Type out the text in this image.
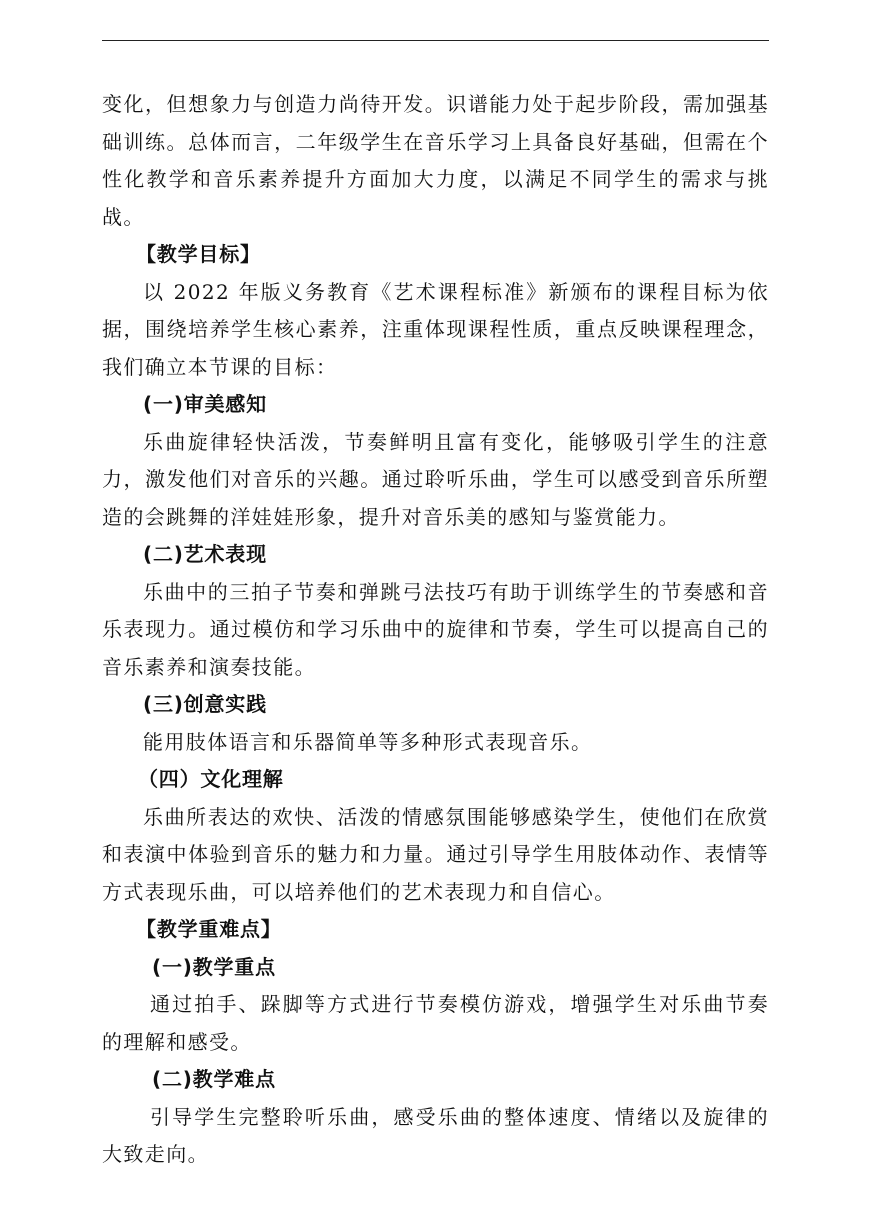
变化，但想象力与创造力尚待开发。识谱能力处于起步阶段，需加强基础训练。总体而言，二年级学生在音乐学习上具备良好基础，但需在个性化教学和音乐素养提升方面加大力度，以满足不同学生的需求与挑战。

【教学目标】

以 2022 年版义务教育《艺术课程标准》新颁布的课程目标为依据，围绕培养学生核心素养，注重体现课程性质，重点反映课程理念，我们确立本节课的目标：

(一)审美感知

乐曲旋律轻快活泼，节奏鲜明且富有变化，能够吸引学生的注意力，激发他们对音乐的兴趣。通过聆听乐曲，学生可以感受到音乐所塑造的会跳舞的洋娃娃形象，提升对音乐美的感知与鉴赏能力。

(二)艺术表现

乐曲中的三拍子节奏和弹跳弓法技巧有助于训练学生的节奏感和音乐表现力。通过模仿和学习乐曲中的旋律和节奏，学生可以提高自己的音乐素养和演奏技能。

(三)创意实践

能用肢体语言和乐器简单等多种形式表现音乐。

（四）文化理解

乐曲所表达的欢快、活泼的情感氛围能够感染学生，使他们在欣赏和表演中体验到音乐的魅力和力量。通过引导学生用肢体动作、表情等方式表现乐曲，可以培养他们的艺术表现力和自信心。

【教学重难点】

(一)教学重点

通过拍手、跺脚等方式进行节奏模仿游戏，增强学生对乐曲节奏的理解和感受。

(二)教学难点

引导学生完整聆听乐曲，感受乐曲的整体速度、情绪以及旋律的大致走向。
